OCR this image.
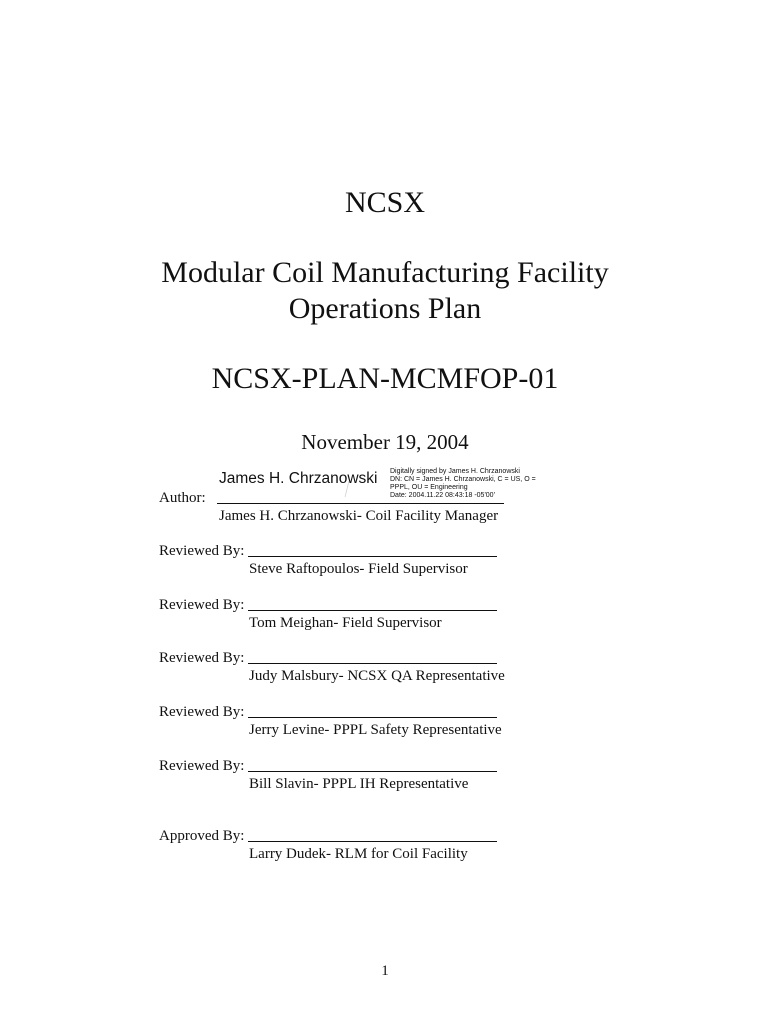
NCSX
Modular Coil Manufacturing Facility
Operations Plan
NCSX-PLAN-MCMFOP-01
November 19, 2004
James H. Chrzanowski Digitally signed by James H. Chrzanowski
DN: CN = James H. Chrzanowski, C = US, O =
PPPL, OU = Engineering
Date: 2004.11.22 08:43:18 -05'00'
Author:
James H. Chrzanowski- Coil Facility Manager
Reviewed By:
Steve Raftopoulos- Field Supervisor
Reviewed By:
Tom Meighan- Field Supervisor
Reviewed By:
Judy Malsbury- NCSX QA Representative
Reviewed By:
Jerry Levine- PPPL Safety Representative
Reviewed By:
Bill Slavin- PPPL IH Representative
Approved By:
Larry Dudek- RLM for Coil Facility
1
